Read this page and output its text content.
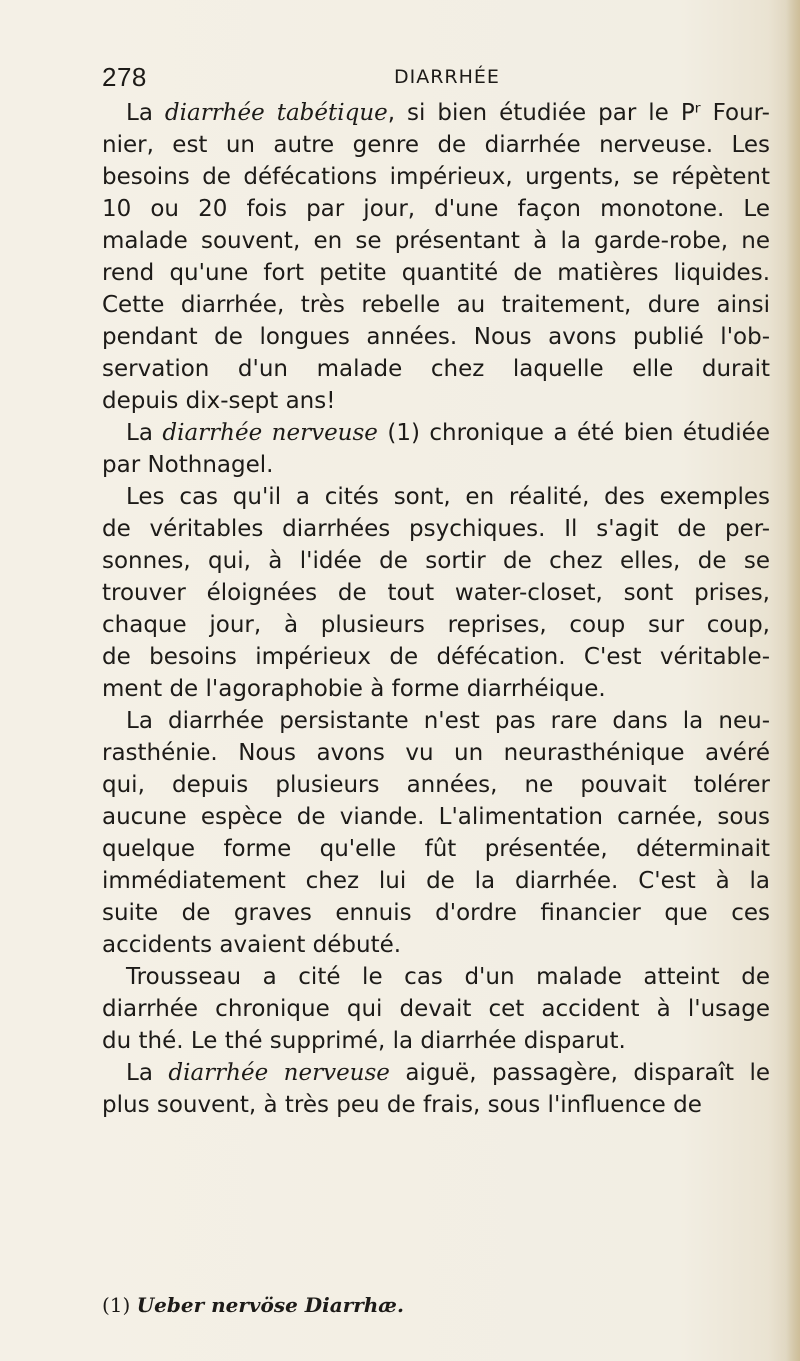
278	DIARRHÉE
La diarrhée tabétique, si bien étudiée par le Pʳ Four-
nier, est un autre genre de diarrhée nerveuse. Les
besoins de défécations impérieux, urgents, se répètent
10 ou 20 fois par jour, d'une façon monotone. Le
malade souvent, en se présentant à la garde-robe, ne
rend qu'une fort petite quantité de matières liquides.
Cette diarrhée, très rebelle au traitement, dure ainsi
pendant de longues années. Nous avons publié l'ob-
servation d'un malade chez laquelle elle durait
depuis dix-sept ans!
La diarrhée nerveuse (1) chronique a été bien étudiée
par Nothnagel.
Les cas qu'il a cités sont, en réalité, des exemples
de véritables diarrhées psychiques. Il s'agit de per-
sonnes, qui, à l'idée de sortir de chez elles, de se
trouver éloignées de tout water-closet, sont prises,
chaque jour, à plusieurs reprises, coup sur coup,
de besoins impérieux de défécation. C'est véritable-
ment de l'agoraphobie à forme diarrhéique.
La diarrhée persistante n'est pas rare dans la neu-
rasthénie. Nous avons vu un neurasthénique avéré
qui, depuis plusieurs années, ne pouvait tolérer
aucune espèce de viande. L'alimentation carnée, sous
quelque forme qu'elle fût présentée, déterminait
immédiatement chez lui de la diarrhée. C'est à la
suite de graves ennuis d'ordre financier que ces
accidents avaient débuté.
Trousseau a cité le cas d'un malade atteint de
diarrhée chronique qui devait cet accident à l'usage
du thé. Le thé supprimé, la diarrhée disparut.
La diarrhée nerveuse aiguë, passagère, disparaît le
plus souvent, à très peu de frais, sous l'influence de
(1) Ueber nervöse Diarrhæ.
